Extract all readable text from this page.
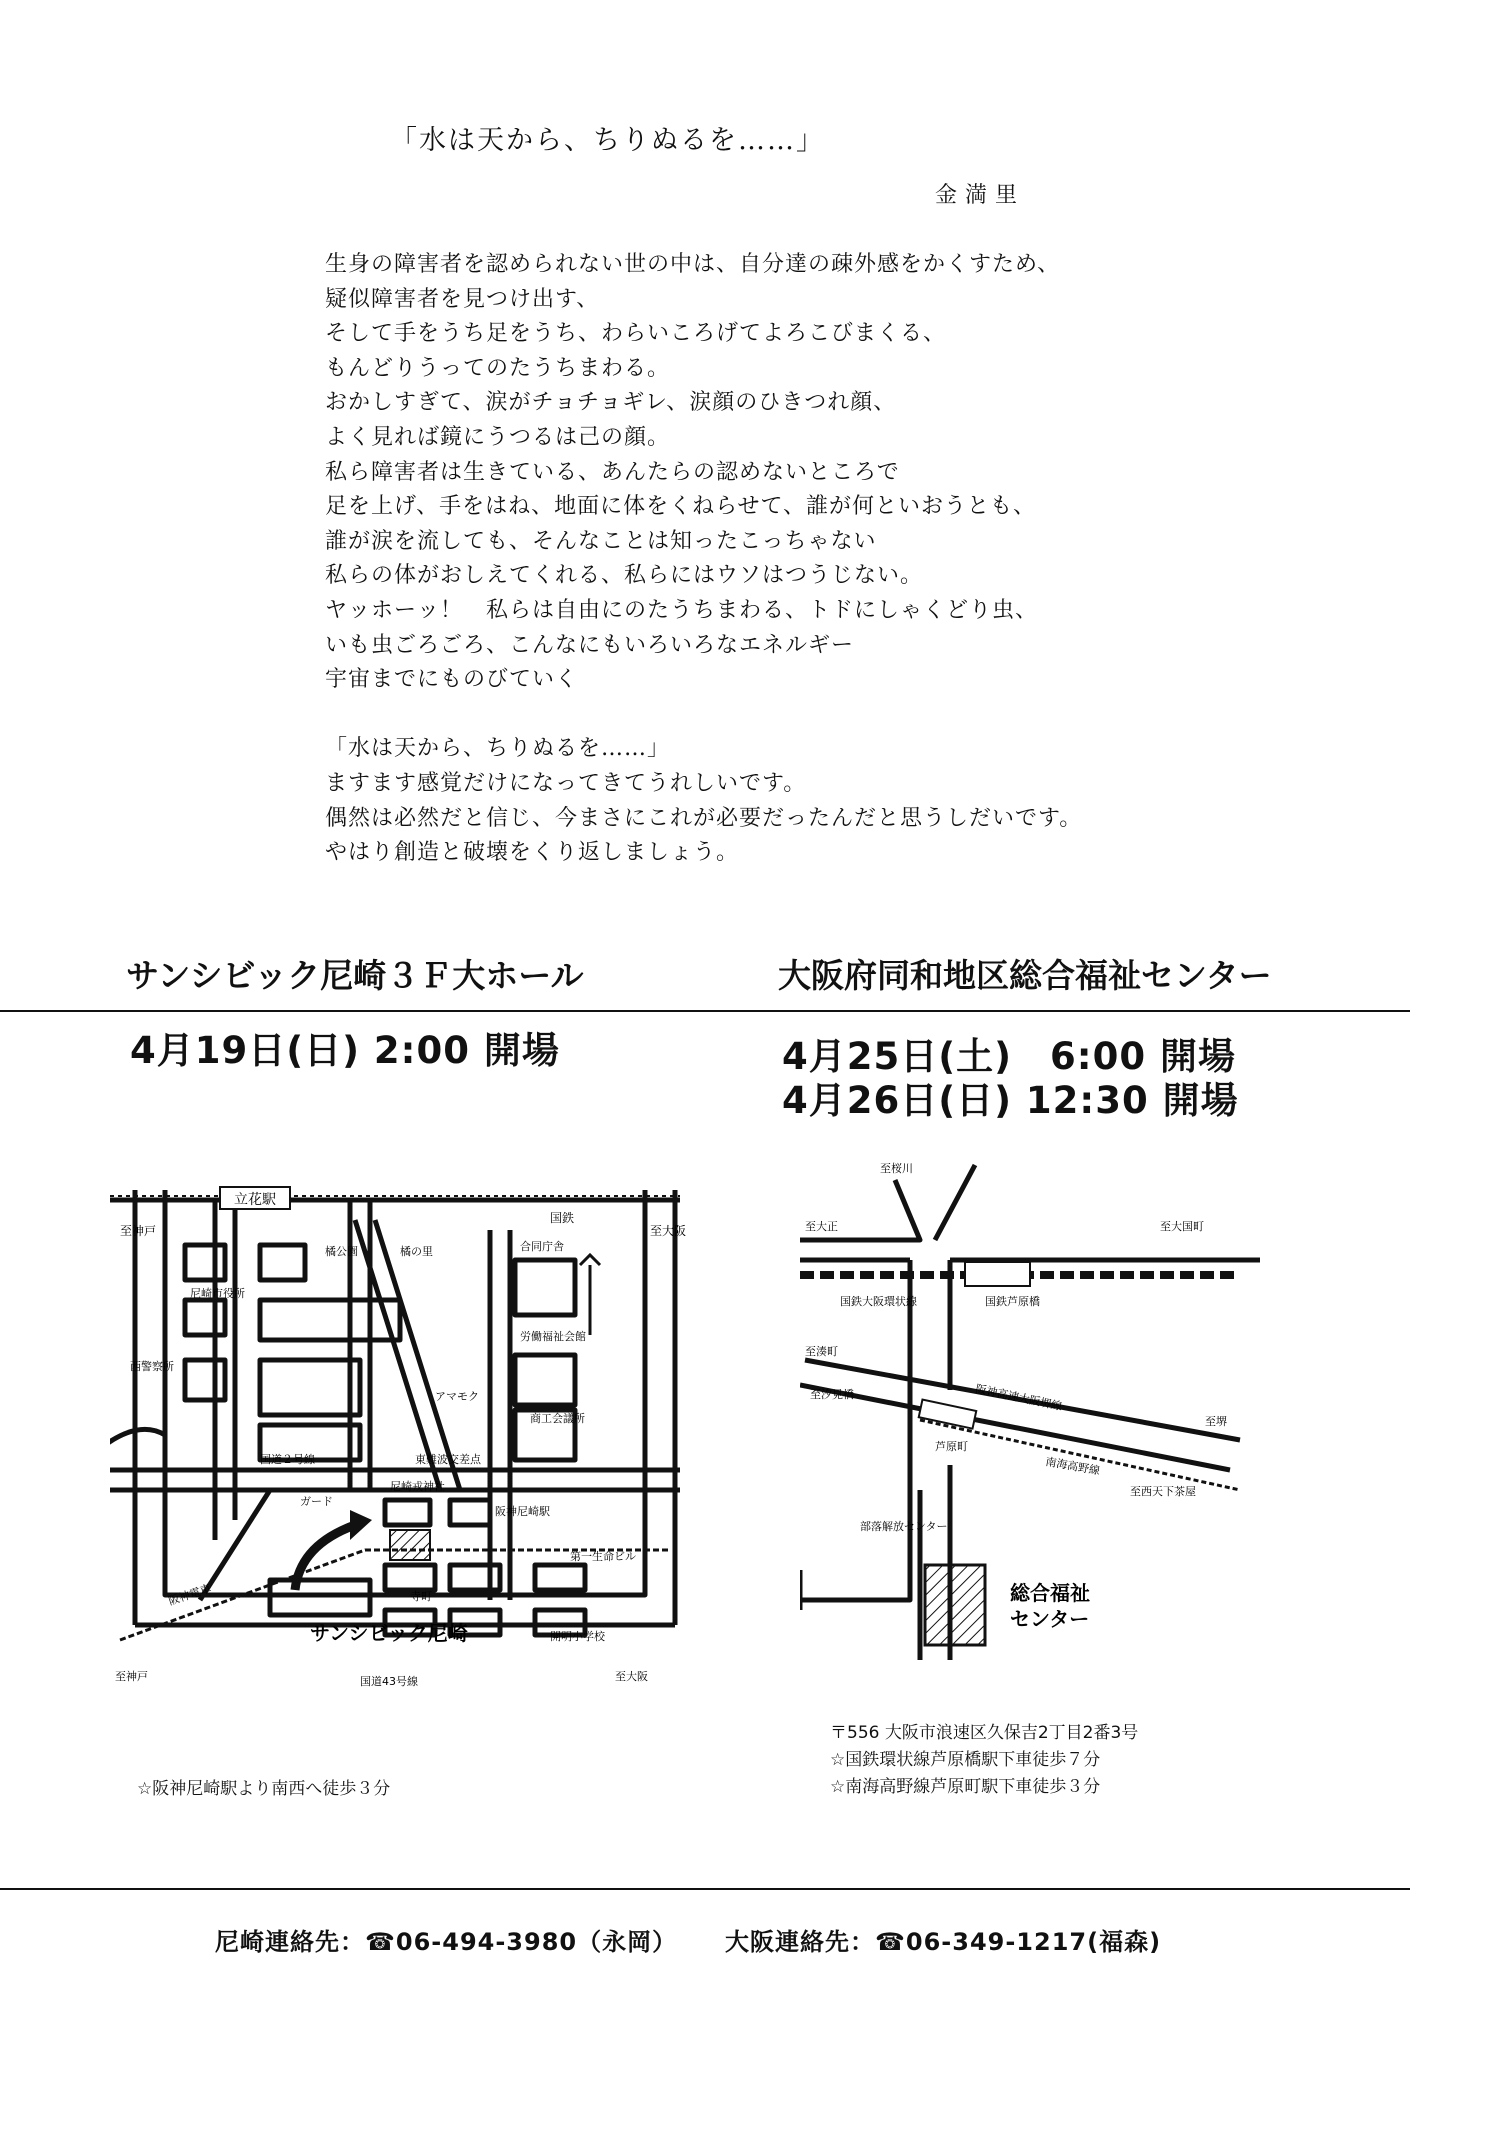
「水は天から、ちりぬるを……」
金満里
生身の障害者を認められない世の中は、自分達の疎外感をかくすため、
疑似障害者を見つけ出す、
そして手をうち足をうち、わらいころげてよろこびまくる、
もんどりうってのたうちまわる。
おかしすぎて、涙がチョチョギレ、涙顔のひきつれ顔、
よく見れば鏡にうつるは己の顔。
私ら障害者は生きている、あんたらの認めないところで
足を上げ、手をはね、地面に体をくねらせて、誰が何といおうとも、
誰が涙を流しても、そんなことは知ったこっちゃない
私らの体がおしえてくれる、私らにはウソはつうじない。
ヤッホーッ！　私らは自由にのたうちまわる、トドにしゃくどり虫、
いも虫ごろごろ、こんなにもいろいろなエネルギー
宇宙までにものびていく
「水は天から、ちりぬるを……」
ますます感覚だけになってきてうれしいです。
偶然は必然だと信じ、今まさにこれが必要だったんだと思うしだいです。
やはり創造と破壊をくり返しましょう。
サンシビック尼崎３Ｆ大ホール	大阪府同和地区総合福祉センター
4月19日(日) 2:00 開場	4月25日(土)　6:00 開場
4月26日(日) 12:30 開場
立花駅
至神戸	至大阪
国鉄
橘公園	橘の里
尼崎市役所
合同庁舎
労働福祉会館
西警察所
アマモク
商工会議所
国道２号線	東難波交差点
ガード
尼崎戎神社
阪神尼崎駅
阪神電車
第一生命ビル
寺町
開明小学校
サンシビック尼崎
国道43号線
至神戸	至大阪
☆阪神尼崎駅より南西へ徒歩３分
至桜川
至大正	至大国町
国鉄大阪環状線	国鉄芦原橋
至湊町
阪神高速大阪堺線
至汐見橋
芦原町
南海高野線
至堺
至西天下茶屋
部落解放センター
総合福祉
センター
〒556 大阪市浪速区久保吉2丁目2番3号
☆国鉄環状線芦原橋駅下車徒歩７分
☆南海高野線芦原町駅下車徒歩３分
尼崎連絡先：☎06-494-3980（永岡） 大阪連絡先：☎06-349-1217(福森)
